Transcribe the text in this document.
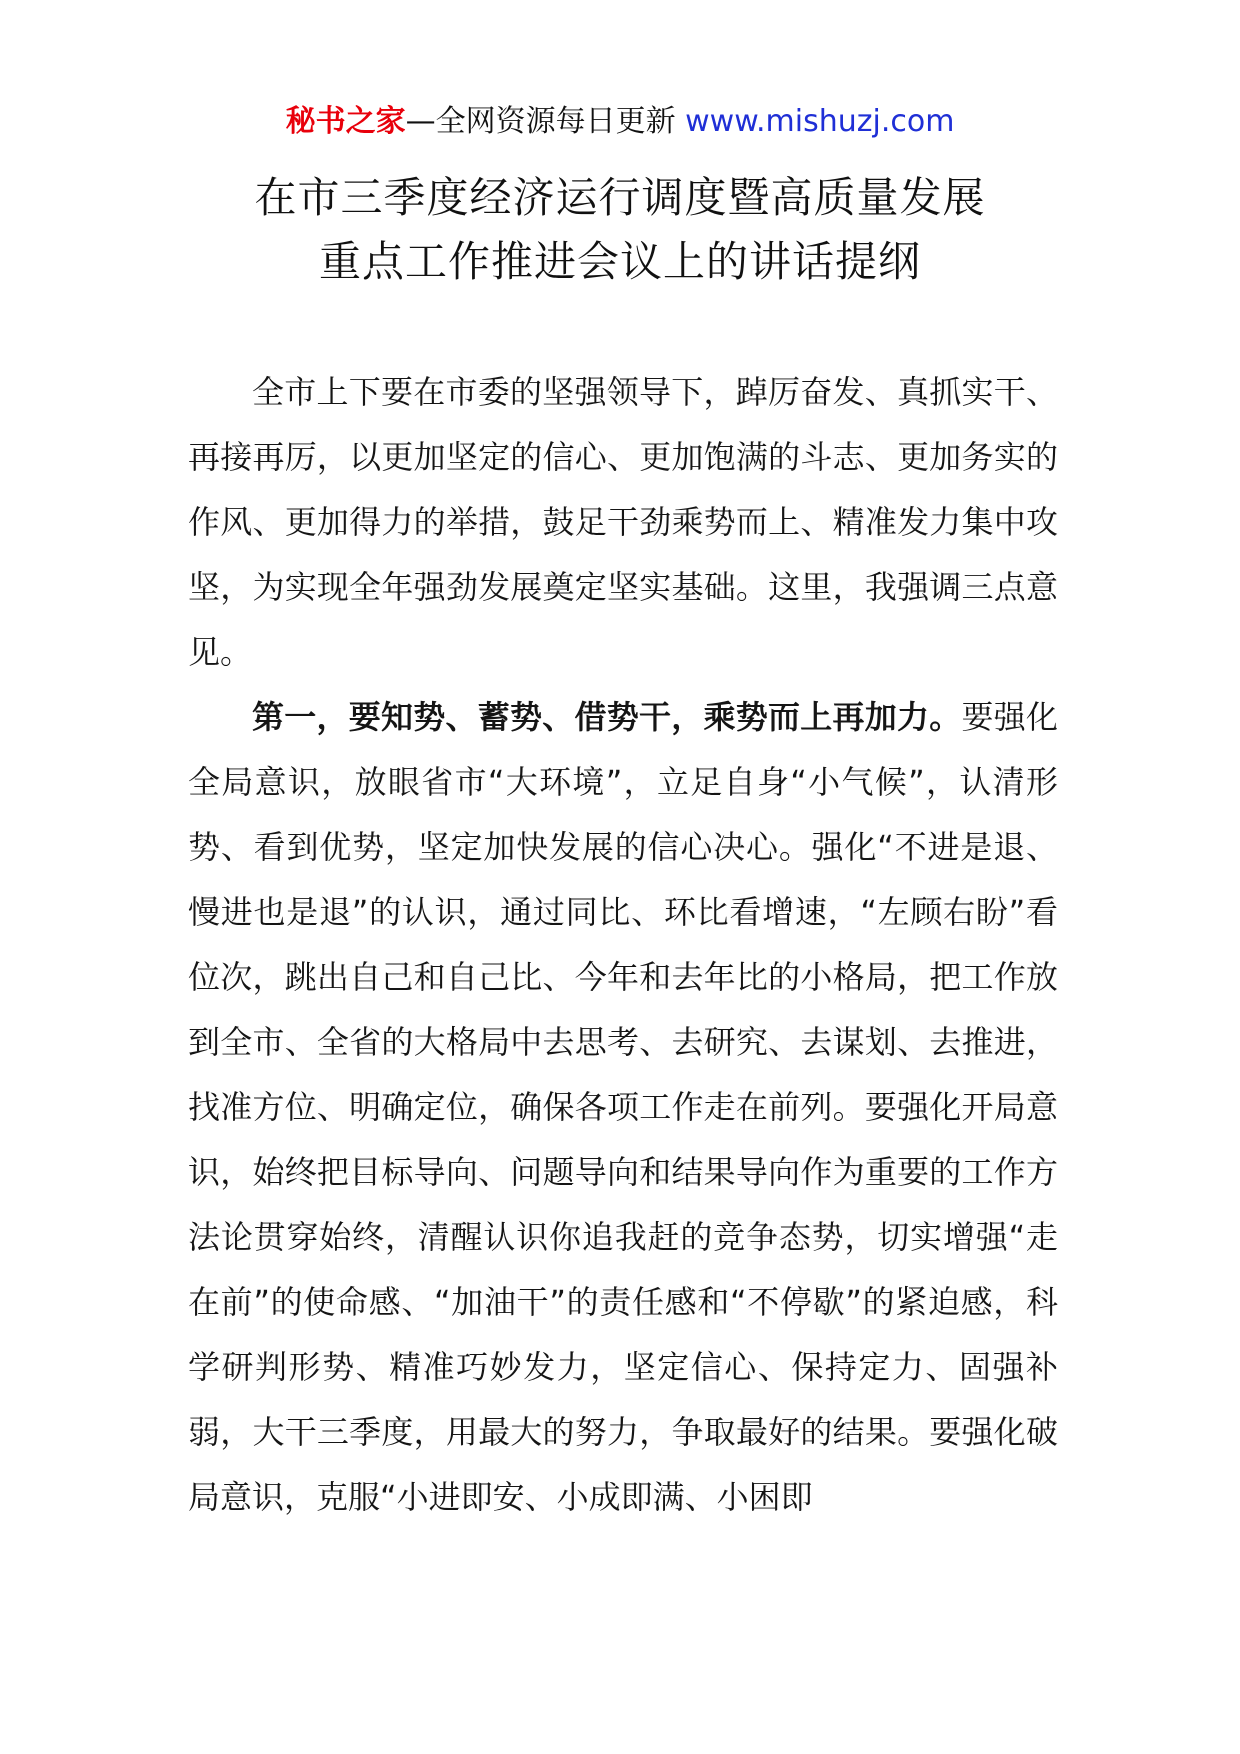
秘书之家—全网资源每日更新 www.mishuzj.com
在市三季度经济运行调度暨高质量发展
重点工作推进会议上的讲话提纲

全市上下要在市委的坚强领导下，踔厉奋发、真抓实干、再接再厉，以更加坚定的信心、更加饱满的斗志、更加务实的作风、更加得力的举措，鼓足干劲乘势而上、精准发力集中攻坚，为实现全年强劲发展奠定坚实基础。这里，我强调三点意见。

第一，要知势、蓄势、借势干，乘势而上再加力。要强化全局意识，放眼省市“大环境”，立足自身“小气候”，认清形势、看到优势，坚定加快发展的信心决心。强化“不进是退、慢进也是退”的认识，通过同比、环比看增速，“左顾右盼”看位次，跳出自己和自己比、今年和去年比的小格局，把工作放到全市、全省的大格局中去思考、去研究、去谋划、去推进，找准方位、明确定位，确保各项工作走在前列。要强化开局意识，始终把目标导向、问题导向和结果导向作为重要的工作方法论贯穿始终，清醒认识你追我赶的竞争态势，切实增强“走在前”的使命感、“加油干”的责任感和“不停歇”的紧迫感，科学研判形势、精准巧妙发力，坚定信心、保持定力、固强补弱，大干三季度，用最大的努力，争取最好的结果。要强化破局意识，克服“小进即安、小成即满、小困即
